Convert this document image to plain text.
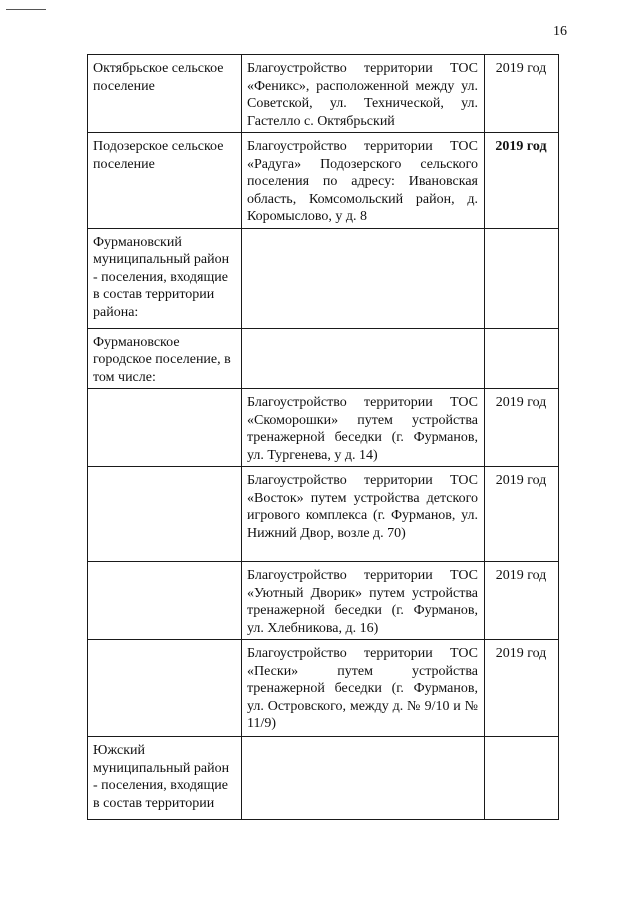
16
Октябрьское сельское поселение	Благоустройство территории ТОС «Феникс», расположенной между ул. Советской, ул. Технической, ул. Гастелло с. Октябрьский	2019 год
Подозерское сельское поселение	Благоустройство территории ТОС «Радуга» Подозерского сельского поселения по адресу: Ивановская область, Комсомольский район, д. Коромыслово, у д. 8	2019 год
Фурмановский муниципальный район - поселения, входящие в состав территории района:		
Фурмановское городское поселение, в том числе:		
	Благоустройство территории ТОС «Скоморошки» путем устройства тренажерной беседки (г. Фурманов, ул. Тургенева, у д. 14)	2019 год
	Благоустройство территории ТОС «Восток» путем устройства детского игрового комплекса (г. Фурманов, ул. Нижний Двор, возле д. 70)	2019 год
	Благоустройство территории ТОС «Уютный Дворик» путем устройства тренажерной беседки (г. Фурманов, ул. Хлебникова, д. 16)	2019 год
	Благоустройство территории ТОС «Пески» путем устройства тренажерной беседки (г. Фурманов, ул. Островского, между д. № 9/10 и № 11/9)	2019 год
Южский муниципальный район - поселения, входящие в состав территории		
